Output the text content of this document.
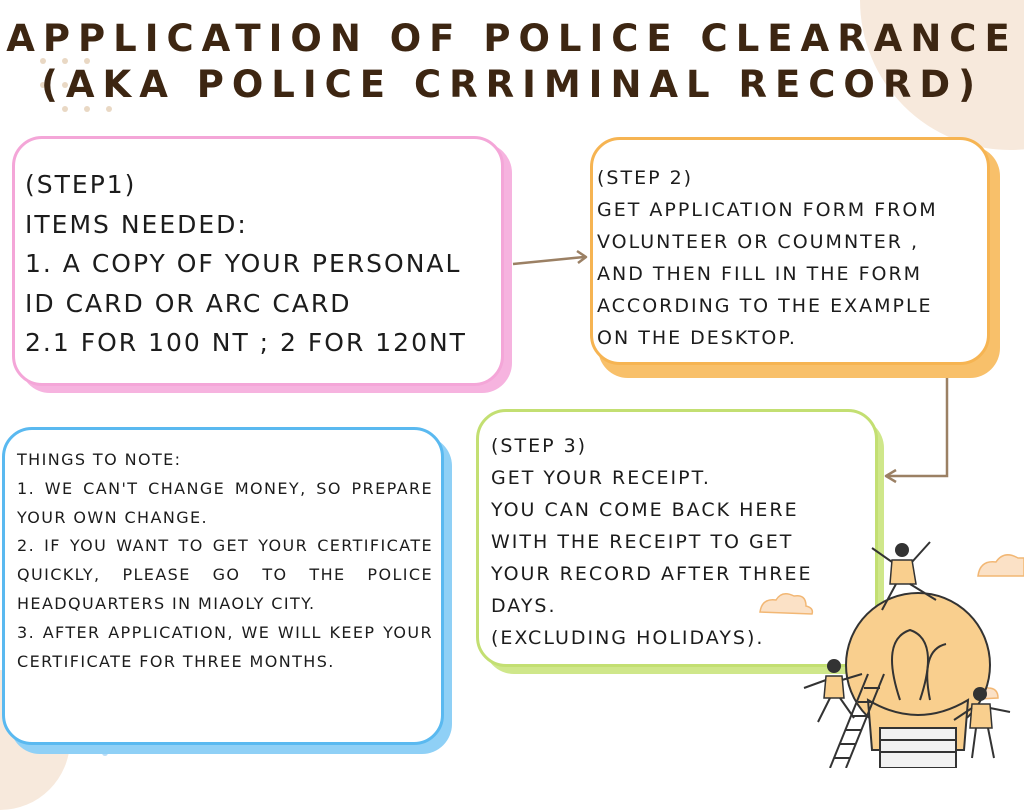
APPLICATION OF POLICE CLEARANCE
(AKA POLICE CRRIMINAL RECORD)
(STEP1)
ITEMS NEEDED:
1. A COPY OF YOUR PERSONAL
ID CARD OR ARC CARD
2.1 FOR 100 NT ; 2 FOR 120NT
(STEP 2)
GET APPLICATION FORM FROM
VOLUNTEER OR COUMNTER ,
AND THEN FILL IN THE FORM
ACCORDING TO THE EXAMPLE
ON THE DESKTOP.
(STEP 3)
GET YOUR RECEIPT.
YOU CAN COME BACK HERE
WITH THE RECEIPT TO GET
YOUR RECORD AFTER THREE
DAYS.
(EXCLUDING HOLIDAYS).
THINGS TO NOTE:
1. WE CAN'T CHANGE MONEY, SO PREPARE YOUR OWN CHANGE.
2. IF YOU WANT TO GET YOUR CERTIFICATE QUICKLY, PLEASE GO TO THE POLICE HEADQUARTERS IN MIAOLY CITY.
3. AFTER APPLICATION, WE WILL KEEP YOUR CERTIFICATE FOR THREE MONTHS.
